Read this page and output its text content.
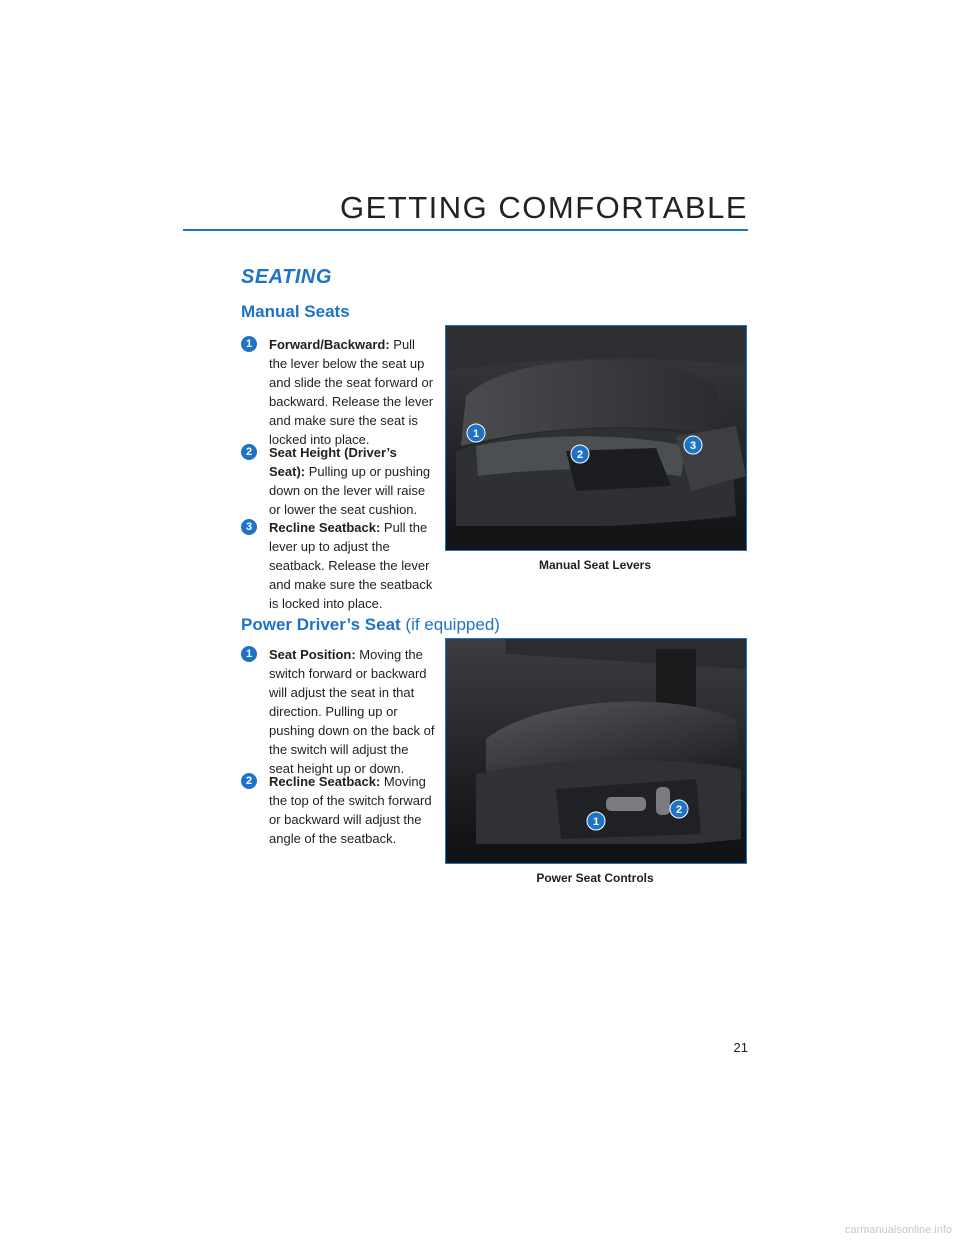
GETTING COMFORTABLE
SEATING
Manual Seats
1	Forward/Backward: Pull the lever below the seat up and slide the seat forward or backward. Release the lever and make sure the seat is locked into place.
2	Seat Height (Driver’s Seat): Pulling up or pushing down on the lever will raise or lower the seat cushion.
3	Recline Seatback: Pull the lever up to adjust the seatback. Release the lever and make sure the seatback is locked into place.
1
2
3
Manual Seat Levers
Power Driver’s Seat (if equipped)
1	Seat Position: Moving the switch forward or backward will adjust the seat in that direction. Pulling up or pushing down on the back of the switch will adjust the seat height up or down.
2	Recline Seatback: Moving the top of the switch forward or backward will adjust the angle of the seatback.
1
2
Power Seat Controls
21
carmanualsonline.info
